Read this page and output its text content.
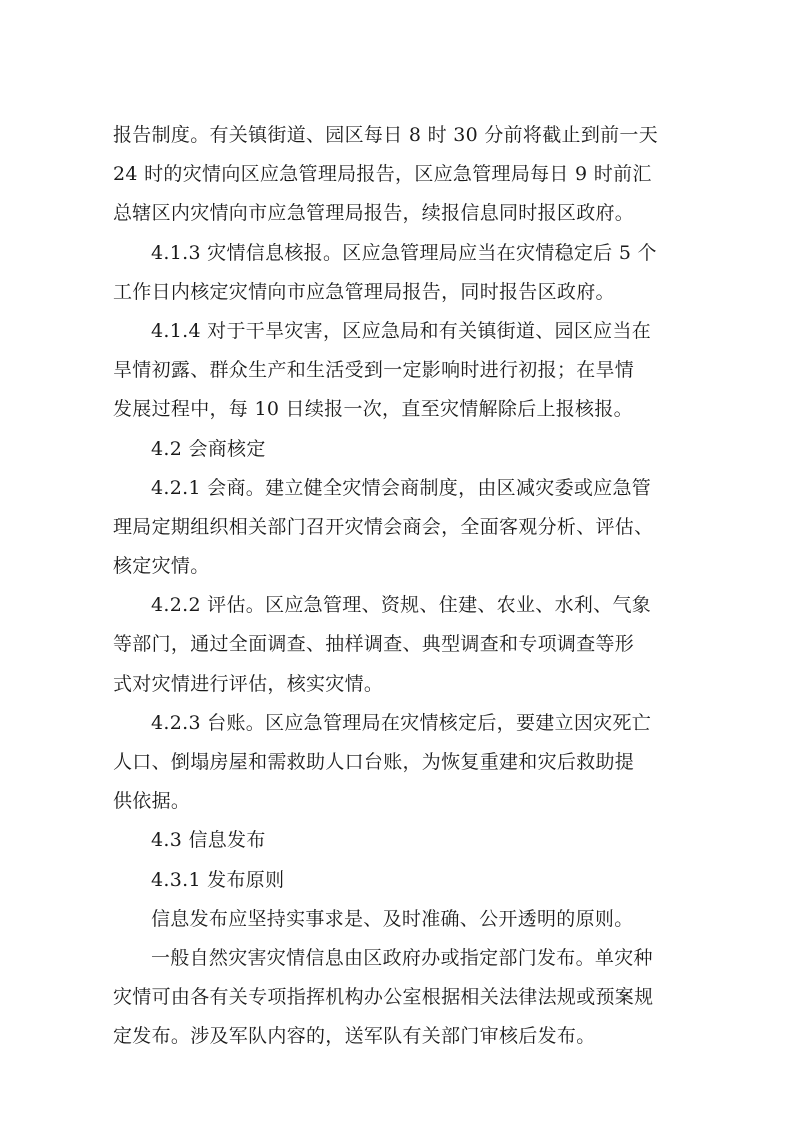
报告制度。有关镇街道、园区每日 8 时 30 分前将截止到前一天
24 时的灾情向区应急管理局报告，区应急管理局每日 9 时前汇
总辖区内灾情向市应急管理局报告，续报信息同时报区政府。
4.1.3 灾情信息核报。区应急管理局应当在灾情稳定后 5 个
工作日内核定灾情向市应急管理局报告，同时报告区政府。
4.1.4 对于干旱灾害，区应急局和有关镇街道、园区应当在
旱情初露、群众生产和生活受到一定影响时进行初报；在旱情
发展过程中，每 10 日续报一次，直至灾情解除后上报核报。
4.2 会商核定
4.2.1 会商。建立健全灾情会商制度，由区减灾委或应急管
理局定期组织相关部门召开灾情会商会，全面客观分析、评估、
核定灾情。
4.2.2 评估。区应急管理、资规、住建、农业、水利、气象
等部门，通过全面调查、抽样调查、典型调查和专项调查等形
式对灾情进行评估，核实灾情。
4.2.3 台账。区应急管理局在灾情核定后，要建立因灾死亡
人口、倒塌房屋和需救助人口台账，为恢复重建和灾后救助提
供依据。
4.3 信息发布
4.3.1 发布原则
信息发布应坚持实事求是、及时准确、公开透明的原则。
一般自然灾害灾情信息由区政府办或指定部门发布。单灾种
灾情可由各有关专项指挥机构办公室根据相关法律法规或预案规
定发布。涉及军队内容的，送军队有关部门审核后发布。
